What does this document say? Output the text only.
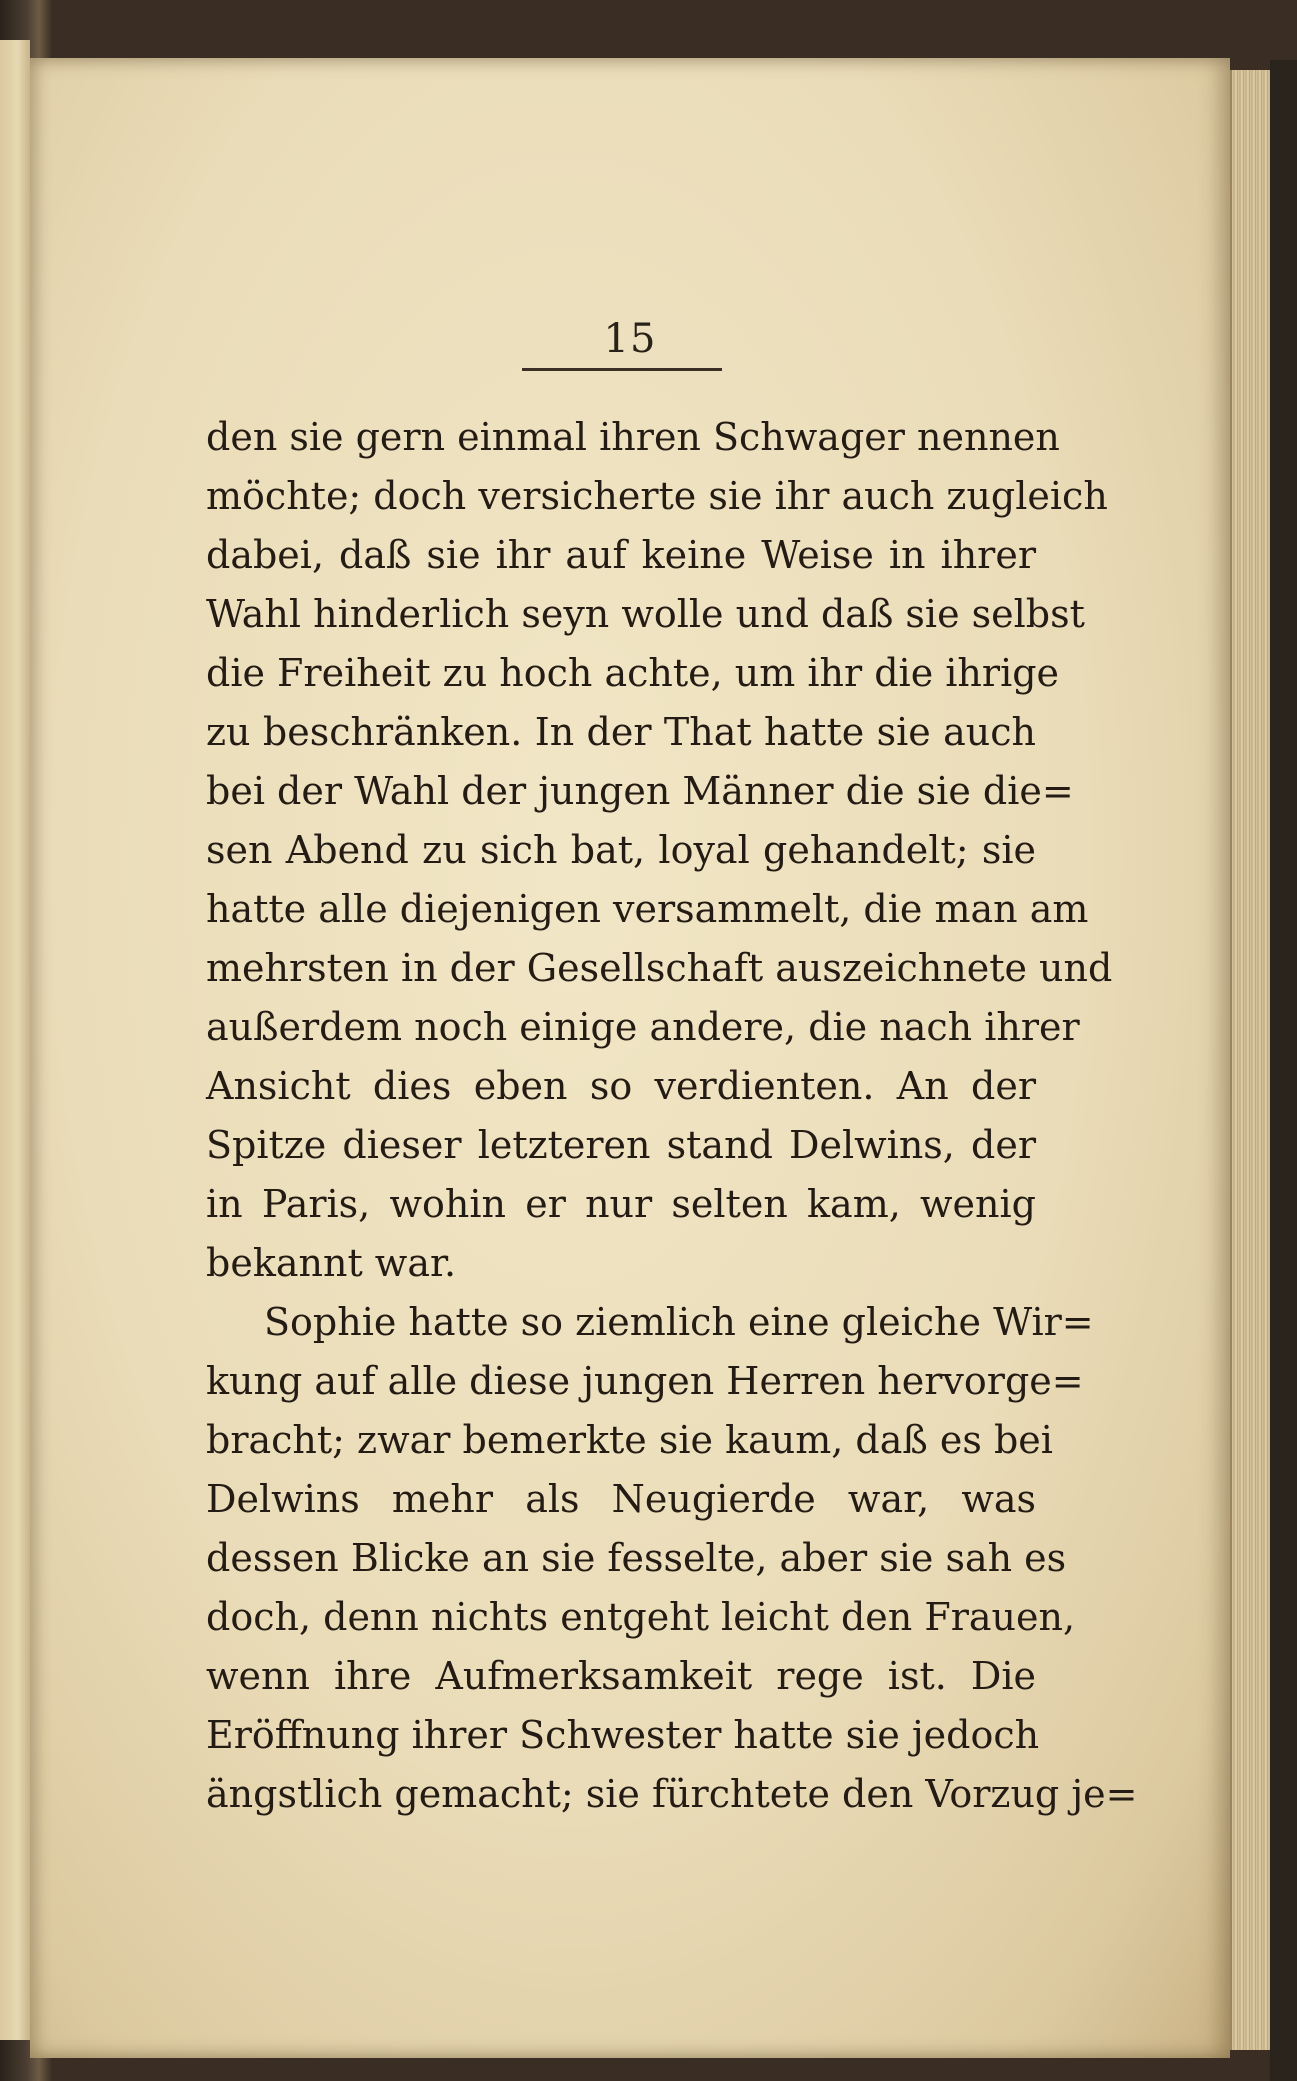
15
den sie gern einmal ihren Schwager nennen
möchte; doch versicherte sie ihr auch zugleich
dabei, daß sie ihr auf keine Weise in ihrer
Wahl hinderlich seyn wolle und daß sie selbst
die Freiheit zu hoch achte, um ihr die ihrige
zu beschränken. In der That hatte sie auch
bei der Wahl der jungen Männer die sie die=
sen Abend zu sich bat, loyal gehandelt; sie
hatte alle diejenigen versammelt, die man am
mehrsten in der Gesellschaft auszeichnete und
außerdem noch einige andere, die nach ihrer
Ansicht dies eben so verdienten. An der
Spitze dieser letzteren stand Delwins, der
in Paris, wohin er nur selten kam, wenig
bekannt war.
Sophie hatte so ziemlich eine gleiche Wir=
kung auf alle diese jungen Herren hervorge=
bracht; zwar bemerkte sie kaum, daß es bei
Delwins mehr als Neugierde war, was
dessen Blicke an sie fesselte, aber sie sah es
doch, denn nichts entgeht leicht den Frauen,
wenn ihre Aufmerksamkeit rege ist. Die
Eröffnung ihrer Schwester hatte sie jedoch
ängstlich gemacht; sie fürchtete den Vorzug je=
